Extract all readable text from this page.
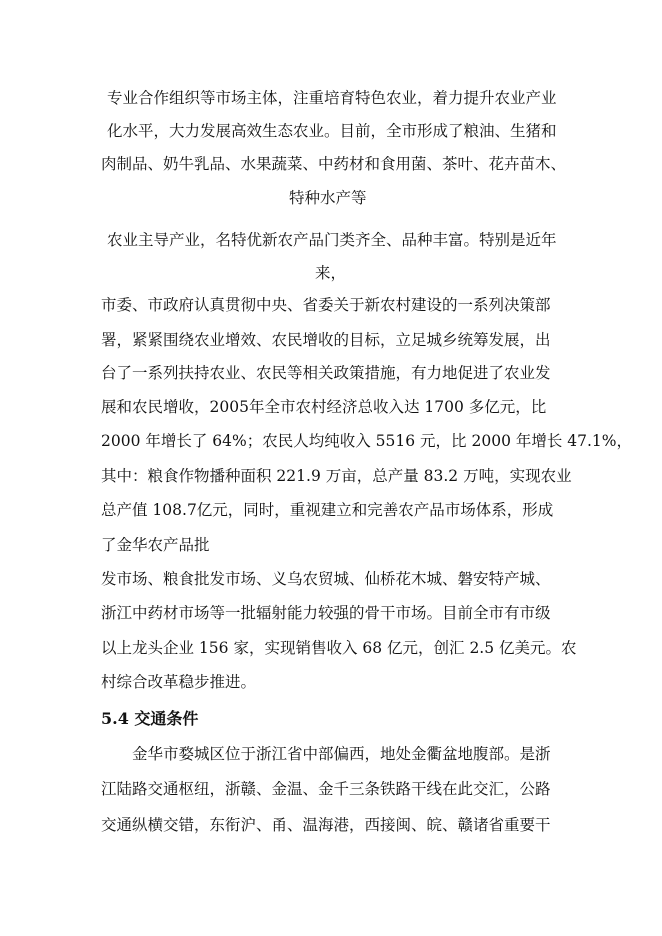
专业合作组织等市场主体，注重培育特色农业，着力提升农业产业
化水平，大力发展高效生态农业。目前，全市形成了粮油、生猪和
肉制品、奶牛乳品、水果蔬菜、中药材和食用菌、茶叶、花卉苗木、
特种水产等
农业主导产业，名特优新农产品门类齐全、品种丰富。特别是近年
来，
市委、市政府认真贯彻中央、省委关于新农村建设的一系列决策部
署，紧紧围绕农业增效、农民增收的目标，立足城乡统筹发展，出
台了一系列扶持农业、农民等相关政策措施，有力地促进了农业发
展和农民增收，2005年全市农村经济总收入达 1700 多亿元，比
2000 年增长了 64%；农民人均纯收入 5516 元，比 2000 年增长 47.1%，
其中：粮食作物播种面积 221.9 万亩，总产量 83.2 万吨，实现农业
总产值 108.7亿元，同时，重视建立和完善农产品市场体系，形成
了金华农产品批
发市场、粮食批发市场、义乌农贸城、仙桥花木城、磐安特产城、
浙江中药材市场等一批辐射能力较强的骨干市场。目前全市有市级
以上龙头企业 156 家，实现销售收入 68 亿元，创汇 2.5 亿美元。农
村综合改革稳步推进。
5.4 交通条件
金华市婺城区位于浙江省中部偏西，地处金衢盆地腹部。是浙
江陆路交通枢纽，浙赣、金温、金千三条铁路干线在此交汇，公路
交通纵横交错，东衔沪、甬、温海港，西接闽、皖、赣诸省重要干
